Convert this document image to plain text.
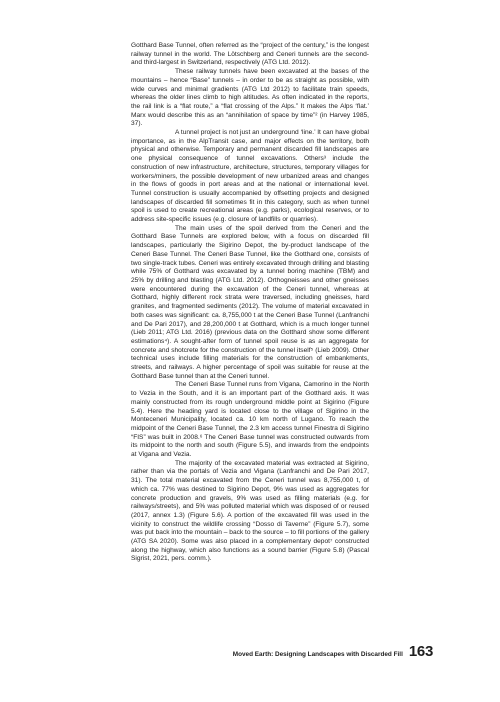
Gotthard Base Tunnel, often referred as the “project of the century,” is the longest railway tunnel in the world. The Lötschberg and Ceneri tunnels are the second- and third-largest in Switzerland, respectively (ATG Ltd. 2012).

These railway tunnels have been excavated at the bases of the mountains – hence “Base” tunnels – in order to be as straight as possible, with wide curves and minimal gradients (ATG Ltd 2012) to facilitate train speeds, whereas the older lines climb to high altitudes. As often indicated in the reports, the rail link is a “flat route,” a “flat crossing of the Alps.” It makes the Alps ‘flat.’ Marx would describe this as an “annihilation of space by time”² (in Harvey 1985, 37).

A tunnel project is not just an underground ‘line.’ It can have global importance, as in the AlpTransit case, and major effects on the territory, both physical and otherwise. Temporary and permanent discarded fill landscapes are one physical consequence of tunnel excavations. Others³ include the construction of new infrastructure, architecture, structures, temporary villages for workers/miners, the possible development of new urbanized areas and changes in the flows of goods in port areas and at the national or international level. Tunnel construction is usually accompanied by offsetting projects and designed landscapes of discarded fill sometimes fit in this category, such as when tunnel spoil is used to create recreational areas (e.g. parks), ecological reserves, or to address site-specific issues (e.g. closure of landfills or quarries).

The main uses of the spoil derived from the Ceneri and the Gotthard Base Tunnels are explored below, with a focus on discarded fill landscapes, particularly the Sigirino Depot, the by-product landscape of the Ceneri Base Tunnel. The Ceneri Base Tunnel, like the Gotthard one, consists of two single-track tubes. Ceneri was entirely excavated through drilling and blasting while 75% of Gotthard was excavated by a tunnel boring machine (TBM) and 25% by drilling and blasting (ATG Ltd. 2012). Orthogneisses and other gneisses were encountered during the excavation of the Ceneri tunnel, whereas at Gotthard, highly different rock strata were traversed, including gneisses, hard granites, and fragmented sediments (2012). The volume of material excavated in both cases was significant: ca. 8,755,000 t at the Ceneri Base Tunnel (Lanfranchi and De Pari 2017), and 28,200,000 t at Gotthard, which is a much longer tunnel (Lieb 2011; ATG Ltd. 2016) (previous data on the Gotthard show some different estimations⁴). A sought-after form of tunnel spoil reuse is as an aggregate for concrete and shotcrete for the construction of the tunnel itself⁵ (Lieb 2009). Other technical uses include filling materials for the construction of embankments, streets, and railways. A higher percentage of spoil was suitable for reuse at the Gotthard Base tunnel than at the Ceneri tunnel.

The Ceneri Base Tunnel runs from Vigana, Camorino in the North to Vezia in the South, and it is an important part of the Gotthard axis. It was mainly constructed from its rough underground middle point at Sigirino (Figure 5.4). Here the heading yard is located close to the village of Sigirino in the Monteceneri Municipality, located ca. 10 km north of Lugano. To reach the midpoint of the Ceneri Base Tunnel, the 2.3 km access tunnel Finestra di Sigirino “FIS” was built in 2008.⁶ The Ceneri Base tunnel was constructed outwards from its midpoint to the north and south (Figure 5.5), and inwards from the endpoints at Vigana and Vezia.

The majority of the excavated material was extracted at Sigirino, rather than via the portals of Vezia and Vigana (Lanfranchi and De Pari 2017, 31). The total material excavated from the Ceneri tunnel was 8,755,000 t, of which ca. 77% was destined to Sigirino Depot, 9% was used as aggregates for concrete production and gravels, 9% was used as filling materials (e.g. for railways/streets), and 5% was polluted material which was disposed of or reused (2017, annex 1.3) (Figure 5.6). A portion of the excavated fill was used in the vicinity to construct the wildlife crossing “Dosso di Taverne” (Figure 5.7), some was put back into the mountain – back to the source – to fill portions of the gallery (ATG SA 2020). Some was also placed in a complementary depot⁷ constructed along the highway, which also functions as a sound barrier (Figure 5.8) (Pascal Sigrist, 2021, pers. comm.).

Moved Earth: Designing Landscapes with Discarded Fill 163
